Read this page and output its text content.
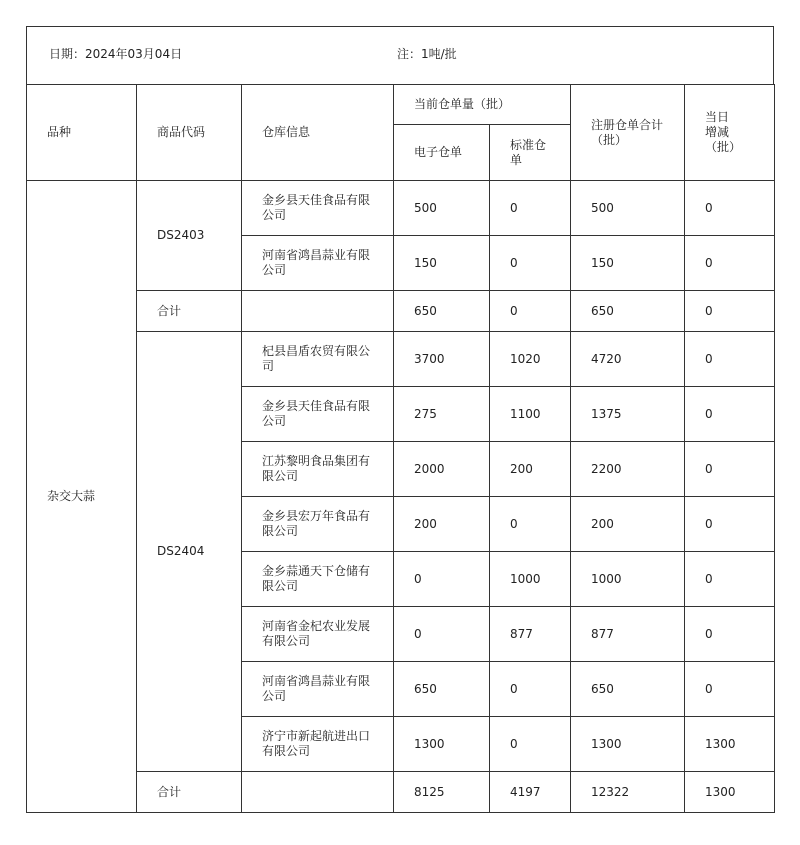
日期：2024年03月04日	注：1吨/批
品种	商品代码	仓库信息	当前仓单量（批）		注册仓单合计（批）	当日增减（批）
			电子仓单	标准仓单		
杂交大蒜	DS2403	金乡县天佳食品有限公司	500	0	500	0
		河南省鸿昌蒜业有限公司	150	0	150	0
	合计		650	0	650	0
	DS2404	杞县昌盾农贸有限公司	3700	1020	4720	0
		金乡县天佳食品有限公司	275	1100	1375	0
		江苏黎明食品集团有限公司	2000	200	2200	0
		金乡县宏万年食品有限公司	200	0	200	0
		金乡蒜通天下仓储有限公司	0	1000	1000	0
		河南省金杞农业发展有限公司	0	877	877	0
		河南省鸿昌蒜业有限公司	650	0	650	0
		济宁市新起航进出口有限公司	1300	0	1300	1300
	合计		8125	4197	12322	1300
